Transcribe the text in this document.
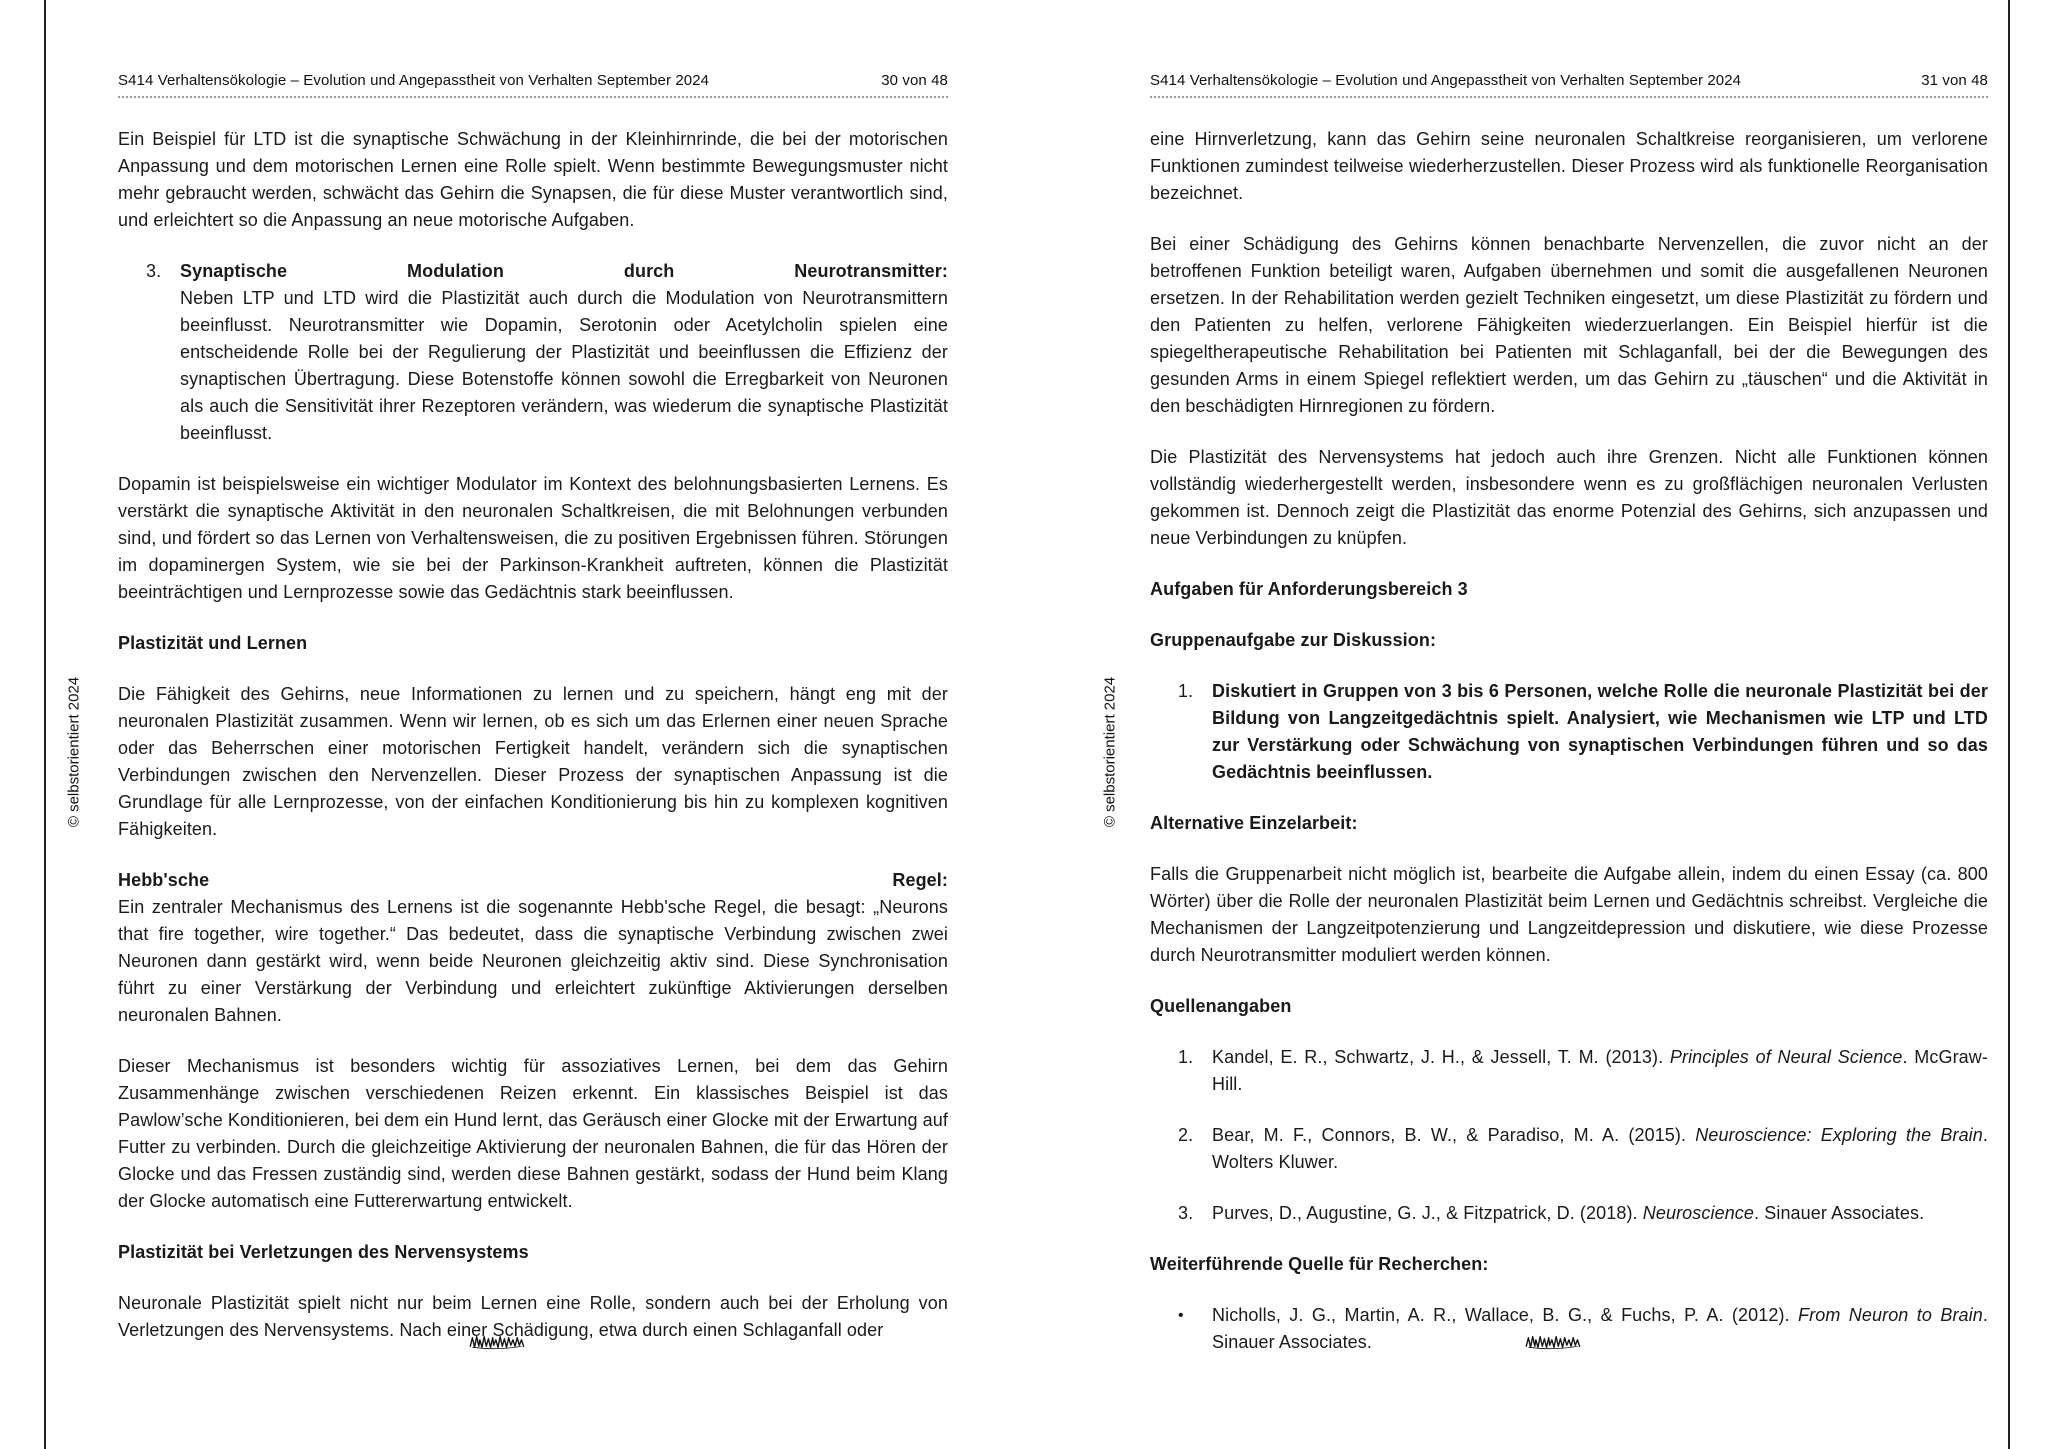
S414 Verhaltensökologie – Evolution und Angepasstheit von Verhalten September 2024	30 von 48

Ein Beispiel für LTD ist die synaptische Schwächung in der Kleinhirnrinde, die bei der motorischen Anpassung und dem motorischen Lernen eine Rolle spielt. Wenn bestimmte Bewegungsmuster nicht mehr gebraucht werden, schwächt das Gehirn die Synapsen, die für diese Muster verantwortlich sind, und erleichtert so die Anpassung an neue motorische Aufgaben.

3.	Synaptische	Modulation	durch	Neurotransmitter:
Neben LTP und LTD wird die Plastizität auch durch die Modulation von Neurotransmittern beeinflusst. Neurotransmitter wie Dopamin, Serotonin oder Acetylcholin spielen eine entscheidende Rolle bei der Regulierung der Plastizität und beeinflussen die Effizienz der synaptischen Übertragung. Diese Botenstoffe können sowohl die Erregbarkeit von Neuronen als auch die Sensitivität ihrer Rezeptoren verändern, was wiederum die synaptische Plastizität beeinflusst.

Dopamin ist beispielsweise ein wichtiger Modulator im Kontext des belohnungsbasierten Lernens. Es verstärkt die synaptische Aktivität in den neuronalen Schaltkreisen, die mit Belohnungen verbunden sind, und fördert so das Lernen von Verhaltensweisen, die zu positiven Ergebnissen führen. Störungen im dopaminergen System, wie sie bei der Parkinson-Krankheit auftreten, können die Plastizität beeinträchtigen und Lernprozesse sowie das Gedächtnis stark beeinflussen.

Plastizität und Lernen

Die Fähigkeit des Gehirns, neue Informationen zu lernen und zu speichern, hängt eng mit der neuronalen Plastizität zusammen. Wenn wir lernen, ob es sich um das Erlernen einer neuen Sprache oder das Beherrschen einer motorischen Fertigkeit handelt, verändern sich die synaptischen Verbindungen zwischen den Nervenzellen. Dieser Prozess der synaptischen Anpassung ist die Grundlage für alle Lernprozesse, von der einfachen Konditionierung bis hin zu komplexen kognitiven Fähigkeiten.

Hebb'sche	Regel:
Ein zentraler Mechanismus des Lernens ist die sogenannte Hebb'sche Regel, die besagt: „Neurons that fire together, wire together.“ Das bedeutet, dass die synaptische Verbindung zwischen zwei Neuronen dann gestärkt wird, wenn beide Neuronen gleichzeitig aktiv sind. Diese Synchronisation führt zu einer Verstärkung der Verbindung und erleichtert zukünftige Aktivierungen derselben neuronalen Bahnen.

Dieser Mechanismus ist besonders wichtig für assoziatives Lernen, bei dem das Gehirn Zusammenhänge zwischen verschiedenen Reizen erkennt. Ein klassisches Beispiel ist das Pawlow’sche Konditionieren, bei dem ein Hund lernt, das Geräusch einer Glocke mit der Erwartung auf Futter zu verbinden. Durch die gleichzeitige Aktivierung der neuronalen Bahnen, die für das Hören der Glocke und das Fressen zuständig sind, werden diese Bahnen gestärkt, sodass der Hund beim Klang der Glocke automatisch eine Futtererwartung entwickelt.

Plastizität bei Verletzungen des Nervensystems

Neuronale Plastizität spielt nicht nur beim Lernen eine Rolle, sondern auch bei der Erholung von Verletzungen des Nervensystems. Nach einer Schädigung, etwa durch einen Schlaganfall oder

S414 Verhaltensökologie – Evolution und Angepasstheit von Verhalten September 2024	31 von 48

eine Hirnverletzung, kann das Gehirn seine neuronalen Schaltkreise reorganisieren, um verlorene Funktionen zumindest teilweise wiederherzustellen. Dieser Prozess wird als funktionelle Reorganisation bezeichnet.

Bei einer Schädigung des Gehirns können benachbarte Nervenzellen, die zuvor nicht an der betroffenen Funktion beteiligt waren, Aufgaben übernehmen und somit die ausgefallenen Neuronen ersetzen. In der Rehabilitation werden gezielt Techniken eingesetzt, um diese Plastizität zu fördern und den Patienten zu helfen, verlorene Fähigkeiten wiederzuerlangen. Ein Beispiel hierfür ist die spiegeltherapeutische Rehabilitation bei Patienten mit Schlaganfall, bei der die Bewegungen des gesunden Arms in einem Spiegel reflektiert werden, um das Gehirn zu „täuschen“ und die Aktivität in den beschädigten Hirnregionen zu fördern.

Die Plastizität des Nervensystems hat jedoch auch ihre Grenzen. Nicht alle Funktionen können vollständig wiederhergestellt werden, insbesondere wenn es zu großflächigen neuronalen Verlusten gekommen ist. Dennoch zeigt die Plastizität das enorme Potenzial des Gehirns, sich anzupassen und neue Verbindungen zu knüpfen.

Aufgaben für Anforderungsbereich 3

Gruppenaufgabe zur Diskussion:

1.	Diskutiert in Gruppen von 3 bis 6 Personen, welche Rolle die neuronale Plastizität bei der Bildung von Langzeitgedächtnis spielt. Analysiert, wie Mechanismen wie LTP und LTD zur Verstärkung oder Schwächung von synaptischen Verbindungen führen und so das Gedächtnis beeinflussen.

Alternative Einzelarbeit:

Falls die Gruppenarbeit nicht möglich ist, bearbeite die Aufgabe allein, indem du einen Essay (ca. 800 Wörter) über die Rolle der neuronalen Plastizität beim Lernen und Gedächtnis schreibst. Vergleiche die Mechanismen der Langzeitpotenzierung und Langzeitdepression und diskutiere, wie diese Prozesse durch Neurotransmitter moduliert werden können.

Quellenangaben

1.	Kandel, E. R., Schwartz, J. H., & Jessell, T. M. (2013). Principles of Neural Science. McGraw-Hill.
2.	Bear, M. F., Connors, B. W., & Paradiso, M. A. (2015). Neuroscience: Exploring the Brain. Wolters Kluwer.
3.	Purves, D., Augustine, G. J., & Fitzpatrick, D. (2018). Neuroscience. Sinauer Associates.

Weiterführende Quelle für Recherchen:

•	Nicholls, J. G., Martin, A. R., Wallace, B. G., & Fuchs, P. A. (2012). From Neuron to Brain. Sinauer Associates.
© selbstorientiert 2024	© selbstorientiert 2024
